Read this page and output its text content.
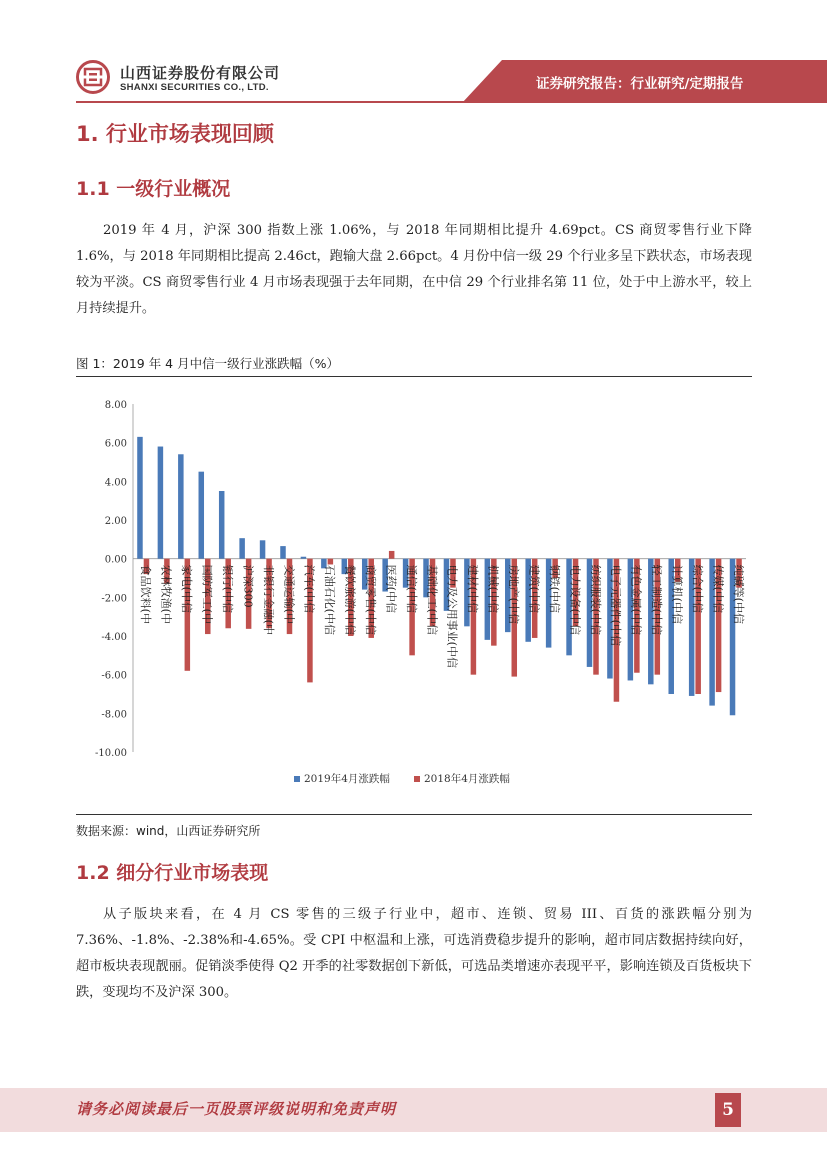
山西证券股份有限公司
SHANXI SECURITIES CO., LTD.	证券研究报告：行业研究/定期报告
1. 行业市场表现回顾
1.1 一级行业概况

2019 年 4 月，沪深 300 指数上涨 1.06%，与 2018 年同期相比提升 4.69pct。CS 商贸零售行业下降 1.6%，与 2018 年同期相比提高 2.46ct，跑输大盘 2.66pct。4 月份中信一级 29 个行业多呈下跌状态，市场表现较为平淡。CS 商贸零售行业 4 月市场表现强于去年同期，在中信 29 个行业排名第 11 位，处于中上游水平，较上月持续提升。

图 1：2019 年 4 月中信一级行业涨跌幅（%）
8.00
6.00
4.00
2.00
0.00
-2.00
-4.00
-6.00
-8.00
-10.00
食品饮料(中 农林牧渔(中 家电(中信 国防军工(中 银行(中信 沪深300 非银行金融(中 交通运输(中 汽车(中信 石油石化(中信 餐饮旅游(中信 商贸零售(中信 医药(中信 通信(中信 基础化工(中信 电力及公用事业(中信 建材(中信 机械(中信 房地产(中信 建筑(中信 钢铁(中信 电力设备(中信 纺织服装(中信 电子元器件(中信 有色金属(中信 轻工制造(中信 计算机(中信 综合(中信 传媒(中信 纯碱等(中信
2019年4月涨跌幅	2018年4月涨跌幅
数据来源：wind，山西证券研究所
1.2 细分行业市场表现

从子版块来看，在 4 月 CS 零售的三级子行业中，超市、连锁、贸易 III、百货的涨跌幅分别为 7.36%、-1.8%、-2.38%和-4.65%。受 CPI 中枢温和上涨，可选消费稳步提升的影响，超市同店数据持续向好，超市板块表现靓丽。促销淡季使得 Q2 开季的社零数据创下新低，可选品类增速亦表现平平，影响连锁及百货板块下跌，变现均不及沪深 300。

请务必阅读最后一页股票评级说明和免责声明	5
